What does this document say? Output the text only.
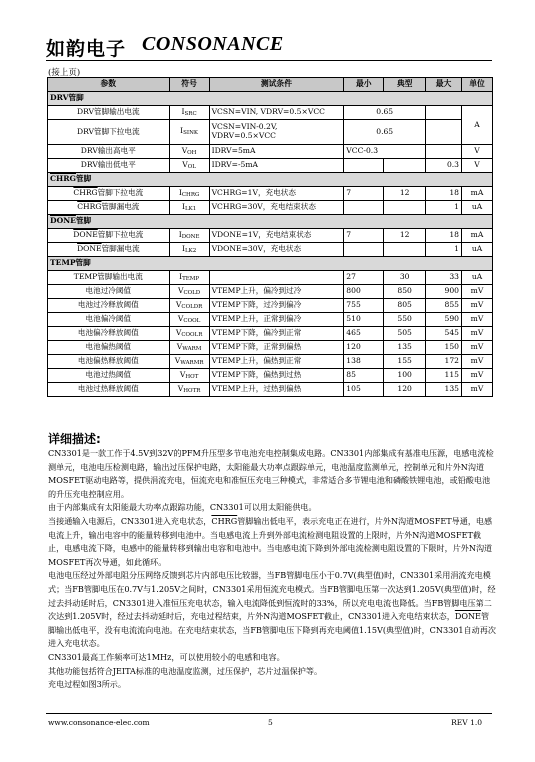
如韵电子 CONSONANCE
(接上页)
参数	符号	测试条件	最小	典型	最大	单位
DRV管脚						
DRV管脚输出电流	ISRC	VCSN=VIN, VDRV=0.5×VCC	0.65			A
DRV管脚下拉电流	ISINK	VCSN=VIN-0.2V,
VDRV=0.5×VCC	0.65			
DRV输出高电平	VOH	IDRV=5mA	VCC-0.3			V
DRV输出低电平	VOL	IDRV=-5mA			0.3	V
CHRG管脚						
CHRG管脚下拉电流	ICHRG	VCHRG=1V，充电状态	7	12	18	mA
CHRG管脚漏电流	ILK1	VCHRG=30V，充电结束状态			1	uA
DONE管脚						
DONE管脚下拉电流	IDONE	VDONE=1V，充电结束状态	7	12	18	mA
DONE管脚漏电流	ILK2	VDONE=30V，充电状态			1	uA
TEMP管脚						
TEMP管脚输出电流	ITEMP		27	30	33	uA
电池过冷阈值	VCOLD	VTEMP上升，偏冷到过冷	800	850	900	mV
电池过冷释放阈值	VCOLDR	VTEMP下降，过冷到偏冷	755	805	855	mV
电池偏冷阈值	VCOOL	VTEMP上升，正常到偏冷	510	550	590	mV
电池偏冷释放阈值	VCOOLR	VTEMP下降，偏冷到正常	465	505	545	mV
电池偏热阈值	VWARM	VTEMP下降，正常到偏热	120	135	150	mV
电池偏热释放阈值	VWARMR	VTEMP上升，偏热到正常	138	155	172	mV
电池过热阈值	VHOT	VTEMP下降，偏热到过热	85	100	115	mV
电池过热释放阈值	VHOTR	VTEMP上升，过热到偏热	105	120	135	mV
详细描述:

CN3301是一款工作于4.5V到32V的PFM升压型多节电池充电控制集成电路。CN3301内部集成有基准电压源，电感电流检测单元，电池电压检测电路，输出过压保护电路，太阳能最大功率点跟踪单元，电池温度监测单元，控制单元和片外N沟道MOSFET驱动电路等，提供涓流充电，恒流充电和准恒压充电三种模式，非常适合多节锂电池和磷酸铁锂电池，或铅酸电池的升压充电控制应用。

由于内部集成有太阳能最大功率点跟踪功能，CN3301可以用太阳能供电。

当接通输入电源后，CN3301进入充电状态，CHRG管脚输出低电平，表示充电正在进行，片外N沟道MOSFET导通，电感电流上升，输出电容中的能量转移到电池中。当电感电流上升到外部电流检测电阻设置的上限时，片外N沟道MOSFET截止，电感电流下降，电感中的能量转移到输出电容和电池中。当电感电流下降到外部电流检测电阻设置的下限时，片外N沟道MOSFET再次导通，如此循环。

电池电压经过外部电阻分压网络反馈到芯片内部电压比较器，当FB管脚电压小于0.7V(典型值)时，CN3301采用涓流充电模式；当FB管脚电压在0.7V与1.205V之间时，CN3301采用恒流充电模式。当FB管脚电压第一次达到1.205V(典型值)时，经过去抖动延时后，CN3301进入准恒压充电状态，输入电流降低到恒流时的33%，所以充电电流也降低。当FB管脚电压第二次达到1.205V时，经过去抖动延时后，充电过程结束，片外N沟道MOSFET截止，CN3301进入充电结束状态，DONE管脚输出低电平，没有电流流向电池。在充电结束状态，当FB管脚电压下降到再充电阈值1.15V(典型值)时，CN3301自动再次进入充电状态。

CN3301最高工作频率可达1MHz，可以使用较小的电感和电容。

其他功能包括符合JEITA标准的电池温度监测，过压保护，芯片过温保护等。

充电过程如图3所示。

www.consonance-elec.com	5	REV 1.0
